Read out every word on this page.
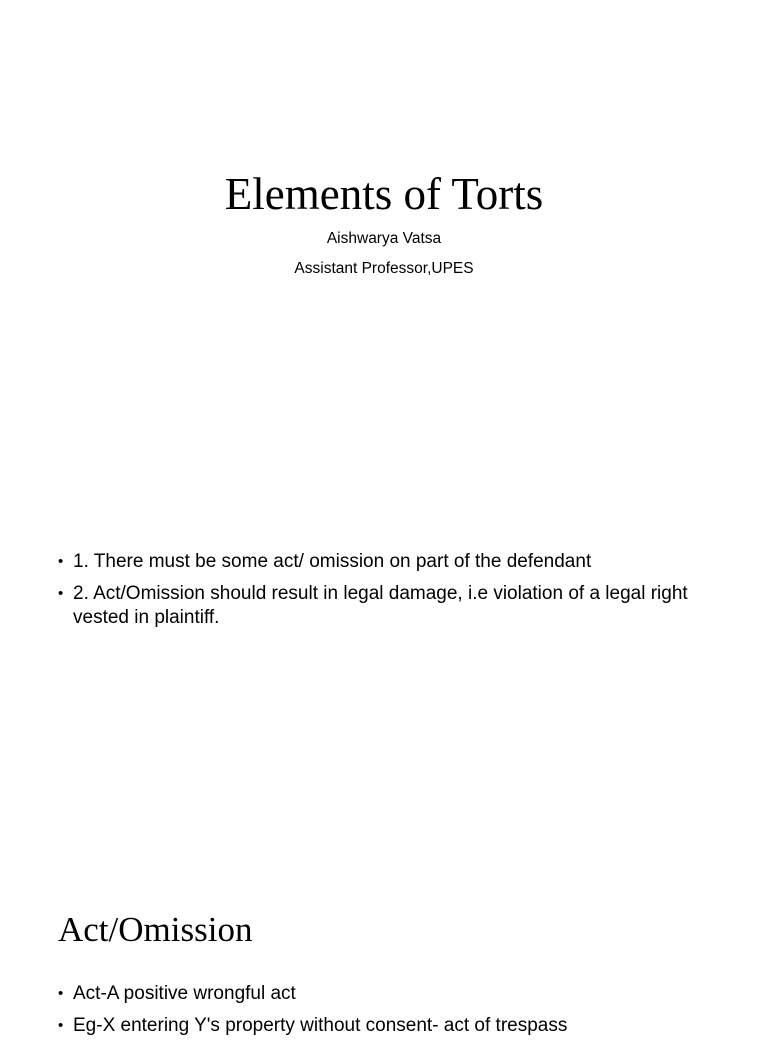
Elements of Torts
Aishwarya Vatsa
Assistant Professor,UPES
• 1. There must be some act/ omission on part of the defendant
• 2. Act/Omission should result in legal damage, i.e violation of a legal right vested in plaintiff.
Act/Omission
• Act-A positive wrongful act
• Eg-X entering Y's property without consent- act of trespass
